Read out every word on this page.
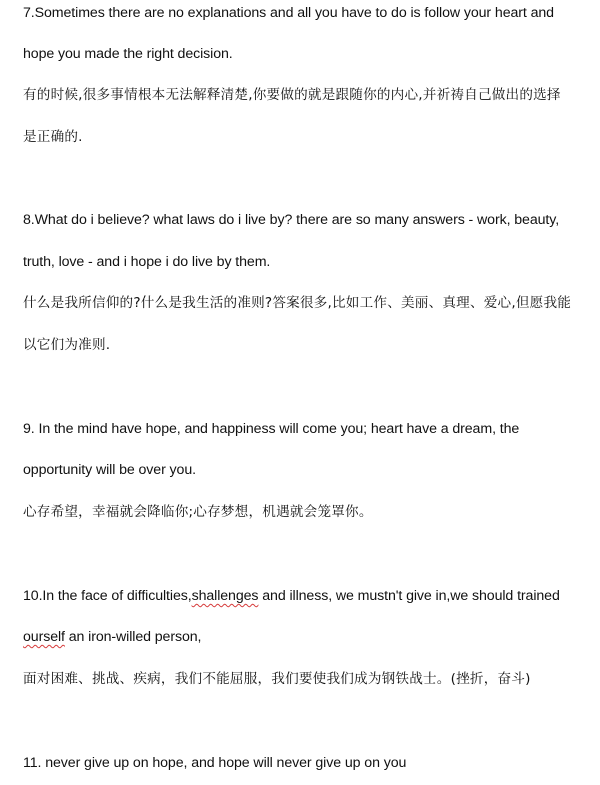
7.Sometimes there are no explanations and all you have to do is follow your heart and
hope you made the right decision.
有的时候,很多事情根本无法解释清楚,你要做的就是跟随你的内心,并祈祷自己做出的选择
是正确的.
8.What do i believe? what laws do i live by? there are so many answers - work, beauty,
truth, love - and i hope i do live by them.
什么是我所信仰的?什么是我生活的准则?答案很多,比如工作、美丽、真理、爱心,但愿我能
以它们为准则.
9. In the mind have hope, and happiness will come you; heart have a dream, the
opportunity will be over you.
心存希望，幸福就会降临你;心存梦想，机遇就会笼罩你。
10.In the face of difficulties,shallenges and illness, we mustn't give in,we should trained
ourself an iron-willed person,
面对困难、挑战、疾病，我们不能屈服，我们要使我们成为钢铁战士。(挫折，奋斗)
11. never give up on hope, and hope will never give up on you
